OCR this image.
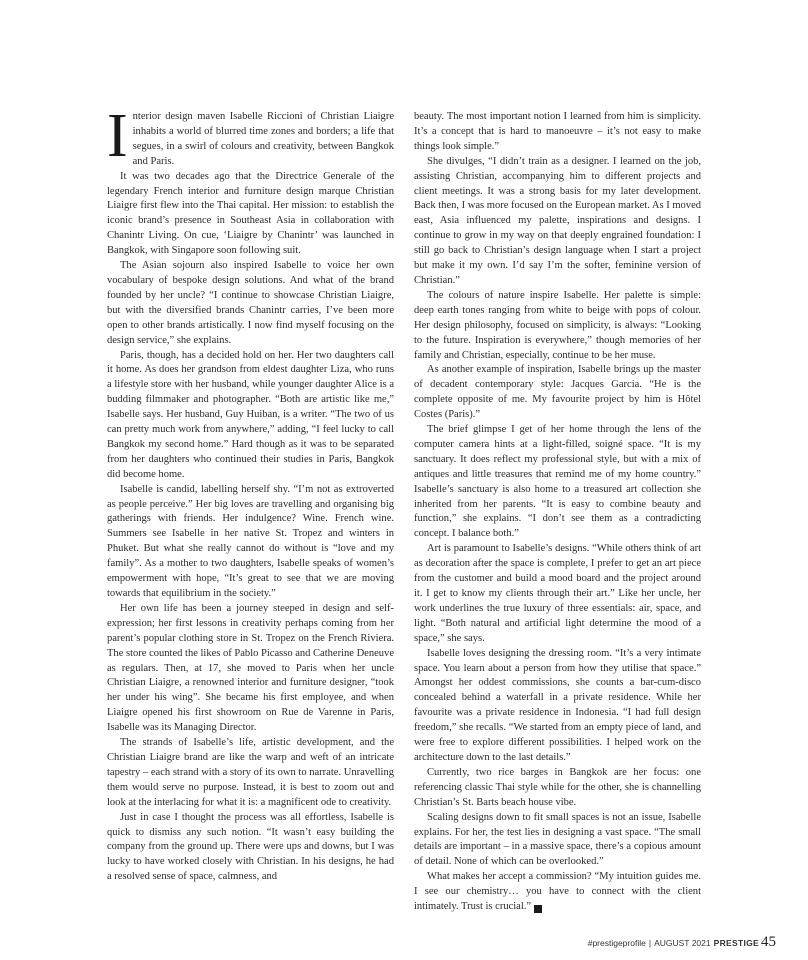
Interior design maven Isabelle Riccioni of Christian Liaigre inhabits a world of blurred time zones and borders; a life that segues, in a swirl of colours and creativity, between Bangkok and Paris.

It was two decades ago that the Directrice Generale of the legendary French interior and furniture design marque Christian Liaigre first flew into the Thai capital. Her mission: to establish the iconic brand’s presence in Southeast Asia in collaboration with Chanintr Living. On cue, ‘Liaigre by Chanintr’ was launched in Bangkok, with Singapore soon following suit.

The Asian sojourn also inspired Isabelle to voice her own vocabulary of bespoke design solutions. And what of the brand founded by her uncle? “I continue to showcase Christian Liaigre, but with the diversified brands Chanintr carries, I’ve been more open to other brands artistically. I now find myself focusing on the design service,” she explains.

Paris, though, has a decided hold on her. Her two daughters call it home. As does her grandson from eldest daughter Liza, who runs a lifestyle store with her husband, while younger daughter Alice is a budding filmmaker and photographer. “Both are artistic like me,” Isabelle says. Her husband, Guy Huiban, is a writer. “The two of us can pretty much work from anywhere,” adding, “I feel lucky to call Bangkok my second home.” Hard though as it was to be separated from her daughters who continued their studies in Paris, Bangkok did become home.

Isabelle is candid, labelling herself shy. “I’m not as extroverted as people perceive.” Her big loves are travelling and organising big gatherings with friends. Her indulgence? Wine. French wine. Summers see Isabelle in her native St. Tropez and winters in Phuket. But what she really cannot do without is “love and my family”. As a mother to two daughters, Isabelle speaks of women’s empowerment with hope, “It’s great to see that we are moving towards that equilibrium in the society.”

Her own life has been a journey steeped in design and self-expression; her first lessons in creativity perhaps coming from her parent’s popular clothing store in St. Tropez on the French Riviera. The store counted the likes of Pablo Picasso and Catherine Deneuve as regulars. Then, at 17, she moved to Paris when her uncle Christian Liaigre, a renowned interior and furniture designer, “took her under his wing”. She became his first employee, and when Liaigre opened his first showroom on Rue de Varenne in Paris, Isabelle was its Managing Director.

The strands of Isabelle’s life, artistic development, and the Christian Liaigre brand are like the warp and weft of an intricate tapestry – each strand with a story of its own to narrate. Unravelling them would serve no purpose. Instead, it is best to zoom out and look at the interlacing for what it is: a magnificent ode to creativity.

Just in case I thought the process was all effortless, Isabelle is quick to dismiss any such notion. “It wasn’t easy building the company from the ground up. There were ups and downs, but I was lucky to have worked closely with Christian. In his designs, he had a resolved sense of space, calmness, and

beauty. The most important notion I learned from him is simplicity. It’s a concept that is hard to manoeuvre – it’s not easy to make things look simple.”

She divulges, “I didn’t train as a designer. I learned on the job, assisting Christian, accompanying him to different projects and client meetings. It was a strong basis for my later development. Back then, I was more focused on the European market. As I moved east, Asia influenced my palette, inspirations and designs. I continue to grow in my way on that deeply engrained foundation: I still go back to Christian’s design language when I start a project but make it my own. I’d say I’m the softer, feminine version of Christian.”

The colours of nature inspire Isabelle. Her palette is simple: deep earth tones ranging from white to beige with pops of colour. Her design philosophy, focused on simplicity, is always: “Looking to the future. Inspiration is everywhere,” though memories of her family and Christian, especially, continue to be her muse.

As another example of inspiration, Isabelle brings up the master of decadent contemporary style: Jacques Garcia. “He is the complete opposite of me. My favourite project by him is Hôtel Costes (Paris).”

The brief glimpse I get of her home through the lens of the computer camera hints at a light-filled, soigné space. “It is my sanctuary. It does reflect my professional style, but with a mix of antiques and little treasures that remind me of my home country.” Isabelle’s sanctuary is also home to a treasured art collection she inherited from her parents. “It is easy to combine beauty and function,” she explains. “I don’t see them as a contradicting concept. I balance both.”

Art is paramount to Isabelle’s designs. “While others think of art as decoration after the space is complete, I prefer to get an art piece from the customer and build a mood board and the project around it. I get to know my clients through their art.” Like her uncle, her work underlines the true luxury of three essentials: air, space, and light. “Both natural and artificial light determine the mood of a space,” she says.

Isabelle loves designing the dressing room. “It’s a very intimate space. You learn about a person from how they utilise that space.” Amongst her oddest commissions, she counts a bar-cum-disco concealed behind a waterfall in a private residence. While her favourite was a private residence in Indonesia. “I had full design freedom,” she recalls. “We started from an empty piece of land, and were free to explore different possibilities. I helped work on the architecture down to the last details.”

Currently, two rice barges in Bangkok are her focus: one referencing classic Thai style while for the other, she is channelling Christian’s St. Barts beach house vibe.

Scaling designs down to fit small spaces is not an issue, Isabelle explains. For her, the test lies in designing a vast space. “The small details are important – in a massive space, there’s a copious amount of detail. None of which can be overlooked.”

What makes her accept a commission? “My intuition guides me. I see our chemistry… you have to connect with the client intimately. Trust is crucial.” P

#prestigeprofile | AUGUST 2021 PRESTIGE 45
